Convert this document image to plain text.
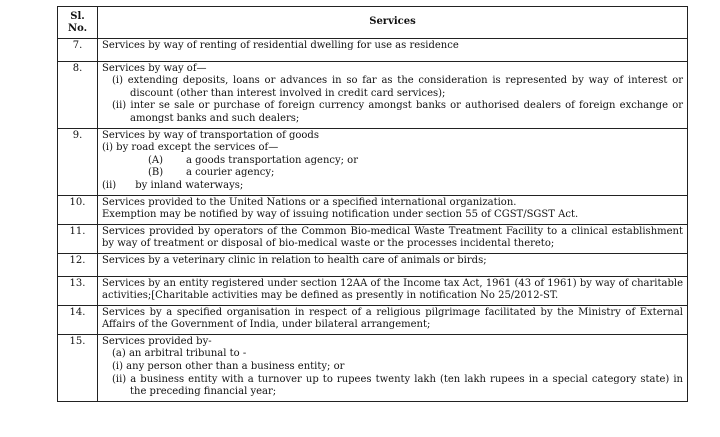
Sl.
No.	Services
7.	Services by way of renting of residential dwelling for use as residence

8.	Services by way of—
(i) extending deposits, loans or advances in so far as the consideration is represented by way of interest or discount (other than interest involved in credit card services);
(ii) inter se sale or purchase of foreign currency amongst banks or authorised dealers of foreign exchange or amongst banks and such dealers;

9.	Services by way of transportation of goods
(i) by road except the services of—
(A) a goods transportation agency; or
(B) a courier agency;
(ii)      by inland waterways;

10.	Services provided to the United Nations or a specified international organization.
Exemption may be notified by way of issuing notification under section 55 of CGST/SGST Act.

11.	Services provided by operators of the Common Bio-medical Waste Treatment Facility to a clinical establishment by way of treatment or disposal of bio-medical waste or the processes incidental thereto;
12.	Services by a veterinary clinic in relation to health care of animals or birds;

13.	Services by an entity registered under section 12AA of the Income tax Act, 1961 (43 of 1961) by way of charitable activities;[Charitable activities may be defined as presently in notification No 25/2012-ST.
14.	Services by a specified organisation in respect of a religious pilgrimage facilitated by the Ministry of External Affairs of the Government of India, under bilateral arrangement;
15.	Services provided by-
(a) an arbitral tribunal to -
(i) any person other than a business entity; or
(ii) a business entity with a turnover up to rupees twenty lakh (ten lakh rupees in a special category state) in the preceding financial year;
